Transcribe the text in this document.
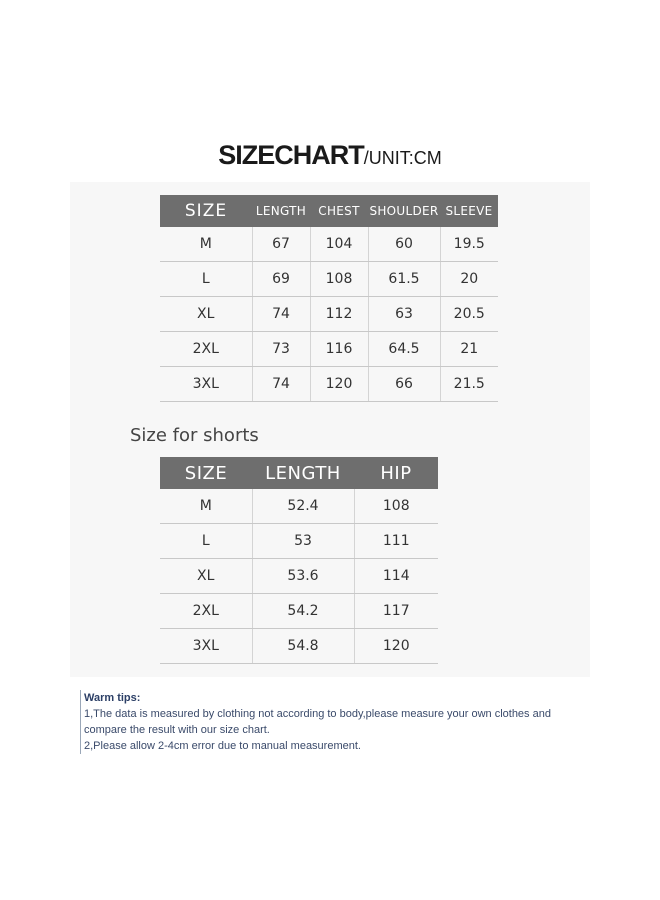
SIZECHART/UNIT:CM
SIZE	LENGTH	CHEST	SHOULDER	SLEEVE
M	67	104	60	19.5
L	69	108	61.5	20
XL	74	112	63	20.5
2XL	73	116	64.5	21
3XL	74	120	66	21.5
Size for shorts
SIZE	LENGTH	HIP
M	52.4	108
L	53	111
XL	53.6	114
2XL	54.2	117
3XL	54.8	120
Warm tips:
1,The data is measured by clothing not according to body,please measure your own clothes and
compare the result with our size chart.
2,Please allow 2-4cm error due to manual measurement.
